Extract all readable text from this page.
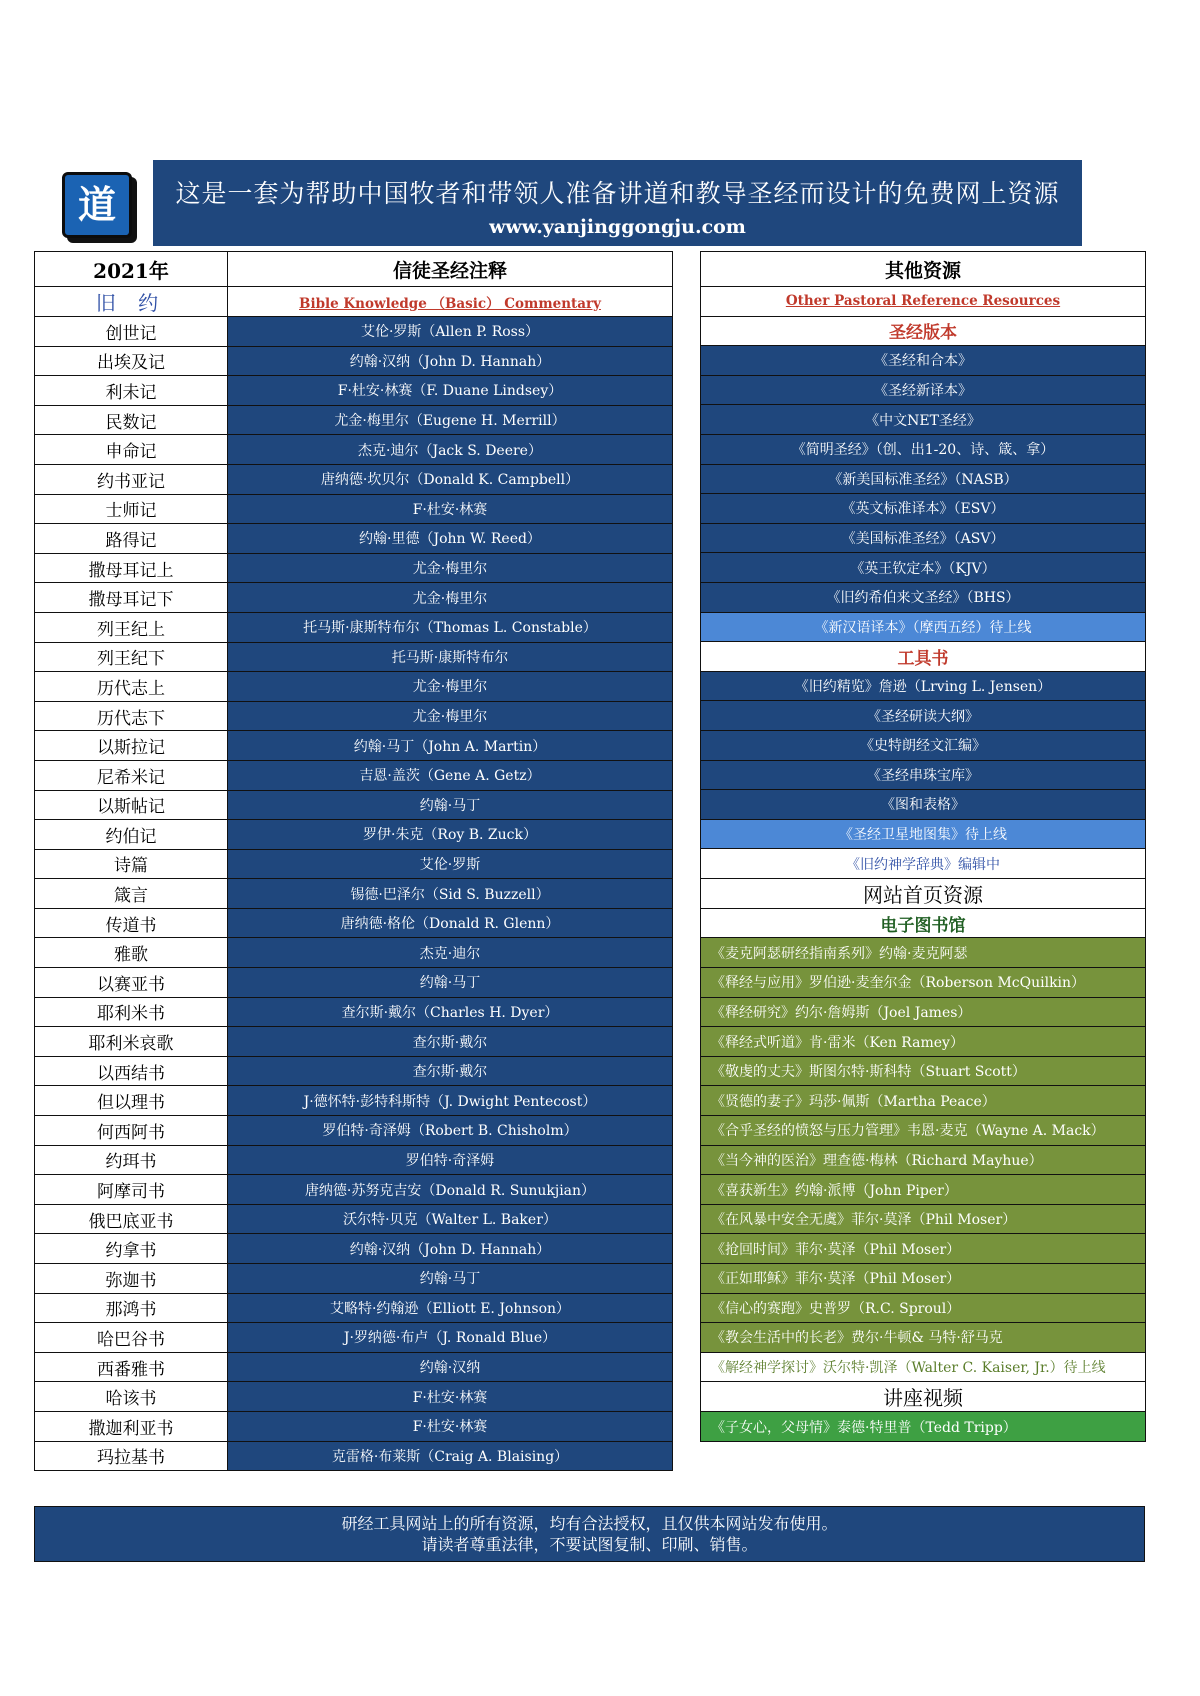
道	这是一套为帮助中国牧者和带领人准备讲道和教导圣经而设计的免费网上资源
www.yanjinggongju.com
2021年	信徒圣经注释
旧 约	Bible Knowledge （Basic） Commentary
创世记	艾伦·罗斯（Allen P. Ross）
出埃及记	约翰·汉纳（John D. Hannah）
利未记	F·杜安·林赛（F. Duane Lindsey）
民数记	尤金·梅里尔（Eugene H. Merrill）
申命记	杰克·迪尔（Jack S. Deere）
约书亚记	唐纳德·坎贝尔（Donald K. Campbell）
士师记	F·杜安·林赛
路得记	约翰·里德（John W. Reed）
撒母耳记上	尤金·梅里尔
撒母耳记下	尤金·梅里尔
列王纪上	托马斯·康斯特布尔（Thomas L. Constable）
列王纪下	托马斯·康斯特布尔
历代志上	尤金·梅里尔
历代志下	尤金·梅里尔
以斯拉记	约翰·马丁（John A. Martin）
尼希米记	吉恩·盖茨（Gene A. Getz）
以斯帖记	约翰·马丁
约伯记	罗伊·朱克（Roy B. Zuck）
诗篇	艾伦·罗斯
箴言	锡德·巴泽尔（Sid S. Buzzell）
传道书	唐纳德·格伦（Donald R. Glenn）
雅歌	杰克·迪尔
以赛亚书	约翰·马丁
耶利米书	查尔斯·戴尔（Charles H. Dyer）
耶利米哀歌	查尔斯·戴尔
以西结书	查尔斯·戴尔
但以理书	J·德怀特·彭特科斯特（J. Dwight Pentecost）
何西阿书	罗伯特·奇泽姆（Robert B. Chisholm）
约珥书	罗伯特·奇泽姆
阿摩司书	唐纳德·苏努克吉安（Donald R. Sunukjian）
俄巴底亚书	沃尔特·贝克（Walter L. Baker）
约拿书	约翰·汉纳（John D. Hannah）
弥迦书	约翰·马丁
那鸿书	艾略特·约翰逊（Elliott E. Johnson）
哈巴谷书	J·罗纳德·布卢（J. Ronald Blue）
西番雅书	约翰·汉纳
哈该书	F·杜安·林赛
撒迦利亚书	F·杜安·林赛
玛拉基书	克雷格·布莱斯（Craig A. Blaising）
其他资源
Other Pastoral Reference Resources
圣经版本
《圣经和合本》
《圣经新译本》
《中文NET圣经》
《简明圣经》（创、出1-20、诗、箴、拿）
《新美国标准圣经》（NASB）
《英文标准译本》（ESV）
《美国标准圣经》（ASV）
《英王钦定本》（KJV）
《旧约希伯来文圣经》（BHS）
《新汉语译本》（摩西五经）待上线
工具书
《旧约精览》詹逊（Lrving L. Jensen）
《圣经研读大纲》
《史特朗经文汇编》
《圣经串珠宝库》
《图和表格》
《圣经卫星地图集》待上线
《旧约神学辞典》编辑中
网站首页资源

电子图书馆
《麦克阿瑟研经指南系列》约翰·麦克阿瑟
《释经与应用》罗伯逊·麦奎尔金（Roberson McQuilkin）
《释经研究》约尔·詹姆斯（Joel James）
《释经式听道》肯·雷米（Ken Ramey）
《敬虔的丈夫》斯图尔特·斯科特（Stuart Scott）
《贤德的妻子》玛莎·佩斯（Martha Peace）
《合乎圣经的愤怒与压力管理》韦恩·麦克（Wayne A. Mack）
《当今神的医治》理查德·梅林（Richard Mayhue）
《喜获新生》约翰·派博（John Piper）
《在风暴中安全无虞》菲尔·莫泽（Phil Moser）
《抢回时间》菲尔·莫泽（Phil Moser）
《正如耶稣》菲尔·莫泽（Phil Moser）
《信心的赛跑》史普罗（R.C. Sproul）
《教会生活中的长老》费尔·牛顿& 马特·舒马克
《解经神学探讨》沃尔特·凯泽（Walter C. Kaiser, Jr.）待上线
讲座视频
《子女心，父母情》泰德·特里普（Tedd Tripp）
研经工具网站上的所有资源，均有合法授权，且仅供本网站发布使用。
请读者尊重法律，不要试图复制、印刷、销售。
